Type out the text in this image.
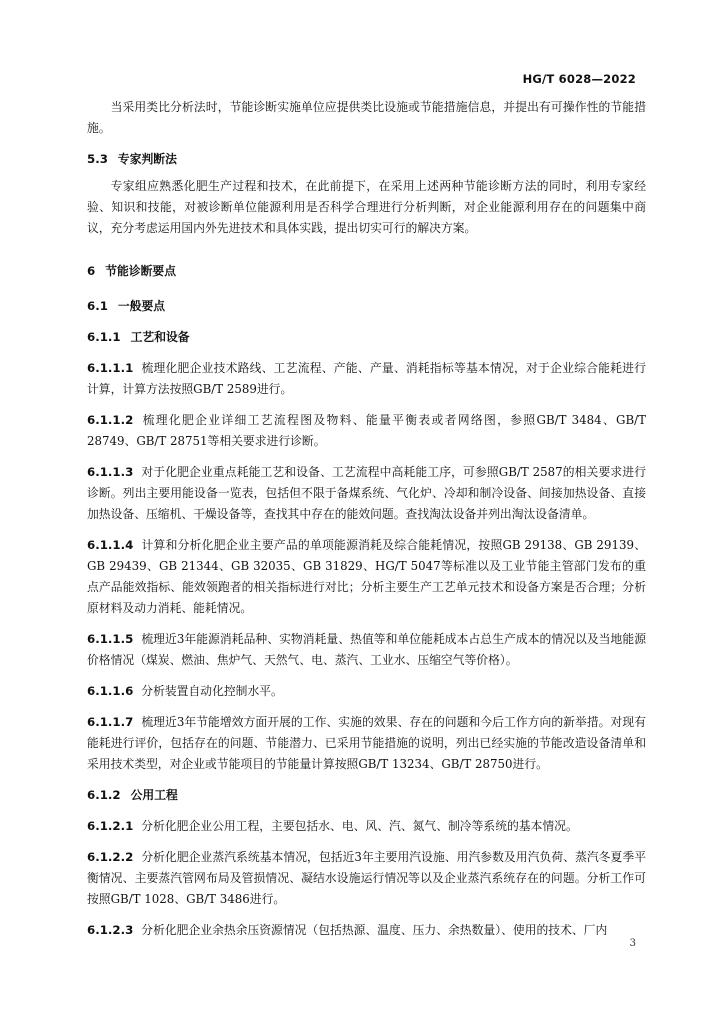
HG/T 6028—2022

当采用类比分析法时，节能诊断实施单位应提供类比设施或节能措施信息，并提出有可操作性的节能措施。

5.3 专家判断法

专家组应熟悉化肥生产过程和技术，在此前提下，在采用上述两种节能诊断方法的同时，利用专家经验、知识和技能，对被诊断单位能源利用是否科学合理进行分析判断，对企业能源利用存在的问题集中商议，充分考虑运用国内外先进技术和具体实践，提出切实可行的解决方案。

6 节能诊断要点

6.1 一般要点

6.1.1 工艺和设备

6.1.1.1 梳理化肥企业技术路线、工艺流程、产能、产量、消耗指标等基本情况，对于企业综合能耗进行计算，计算方法按照GB/T 2589进行。

6.1.1.2 梳理化肥企业详细工艺流程图及物料、能量平衡表或者网络图，参照GB/T 3484、GB/T 28749、GB/T 28751等相关要求进行诊断。

6.1.1.3 对于化肥企业重点耗能工艺和设备、工艺流程中高耗能工序，可参照GB/T 2587的相关要求进行诊断。列出主要用能设备一览表，包括但不限于备煤系统、气化炉、冷却和制冷设备、间接加热设备、直接加热设备、压缩机、干燥设备等，查找其中存在的能效问题。查找淘汰设备并列出淘汰设备清单。

6.1.1.4 计算和分析化肥企业主要产品的单项能源消耗及综合能耗情况，按照GB 29138、GB 29139、GB 29439、GB 21344、GB 32035、GB 31829、HG/T 5047等标准以及工业节能主管部门发布的重点产品能效指标、能效领跑者的相关指标进行对比；分析主要生产工艺单元技术和设备方案是否合理；分析原材料及动力消耗、能耗情况。

6.1.1.5 梳理近3年能源消耗品种、实物消耗量、热值等和单位能耗成本占总生产成本的情况以及当地能源价格情况（煤炭、燃油、焦炉气、天然气、电、蒸汽、工业水、压缩空气等价格）。

6.1.1.6 分析装置自动化控制水平。

6.1.1.7 梳理近3年节能增效方面开展的工作、实施的效果、存在的问题和今后工作方向的新举措。对现有能耗进行评价，包括存在的问题、节能潜力、已采用节能措施的说明，列出已经实施的节能改造设备清单和采用技术类型，对企业或节能项目的节能量计算按照GB/T 13234、GB/T 28750进行。

6.1.2 公用工程

6.1.2.1 分析化肥企业公用工程，主要包括水、电、风、汽、氮气、制冷等系统的基本情况。

6.1.2.2 分析化肥企业蒸汽系统基本情况，包括近3年主要用汽设施、用汽参数及用汽负荷、蒸汽冬夏季平衡情况、主要蒸汽管网布局及管损情况、凝结水设施运行情况等以及企业蒸汽系统存在的问题。分析工作可按照GB/T 1028、GB/T 3486进行。

6.1.2.3 分析化肥企业余热余压资源情况（包括热源、温度、压力、余热数量）、使用的技术、厂内

3
